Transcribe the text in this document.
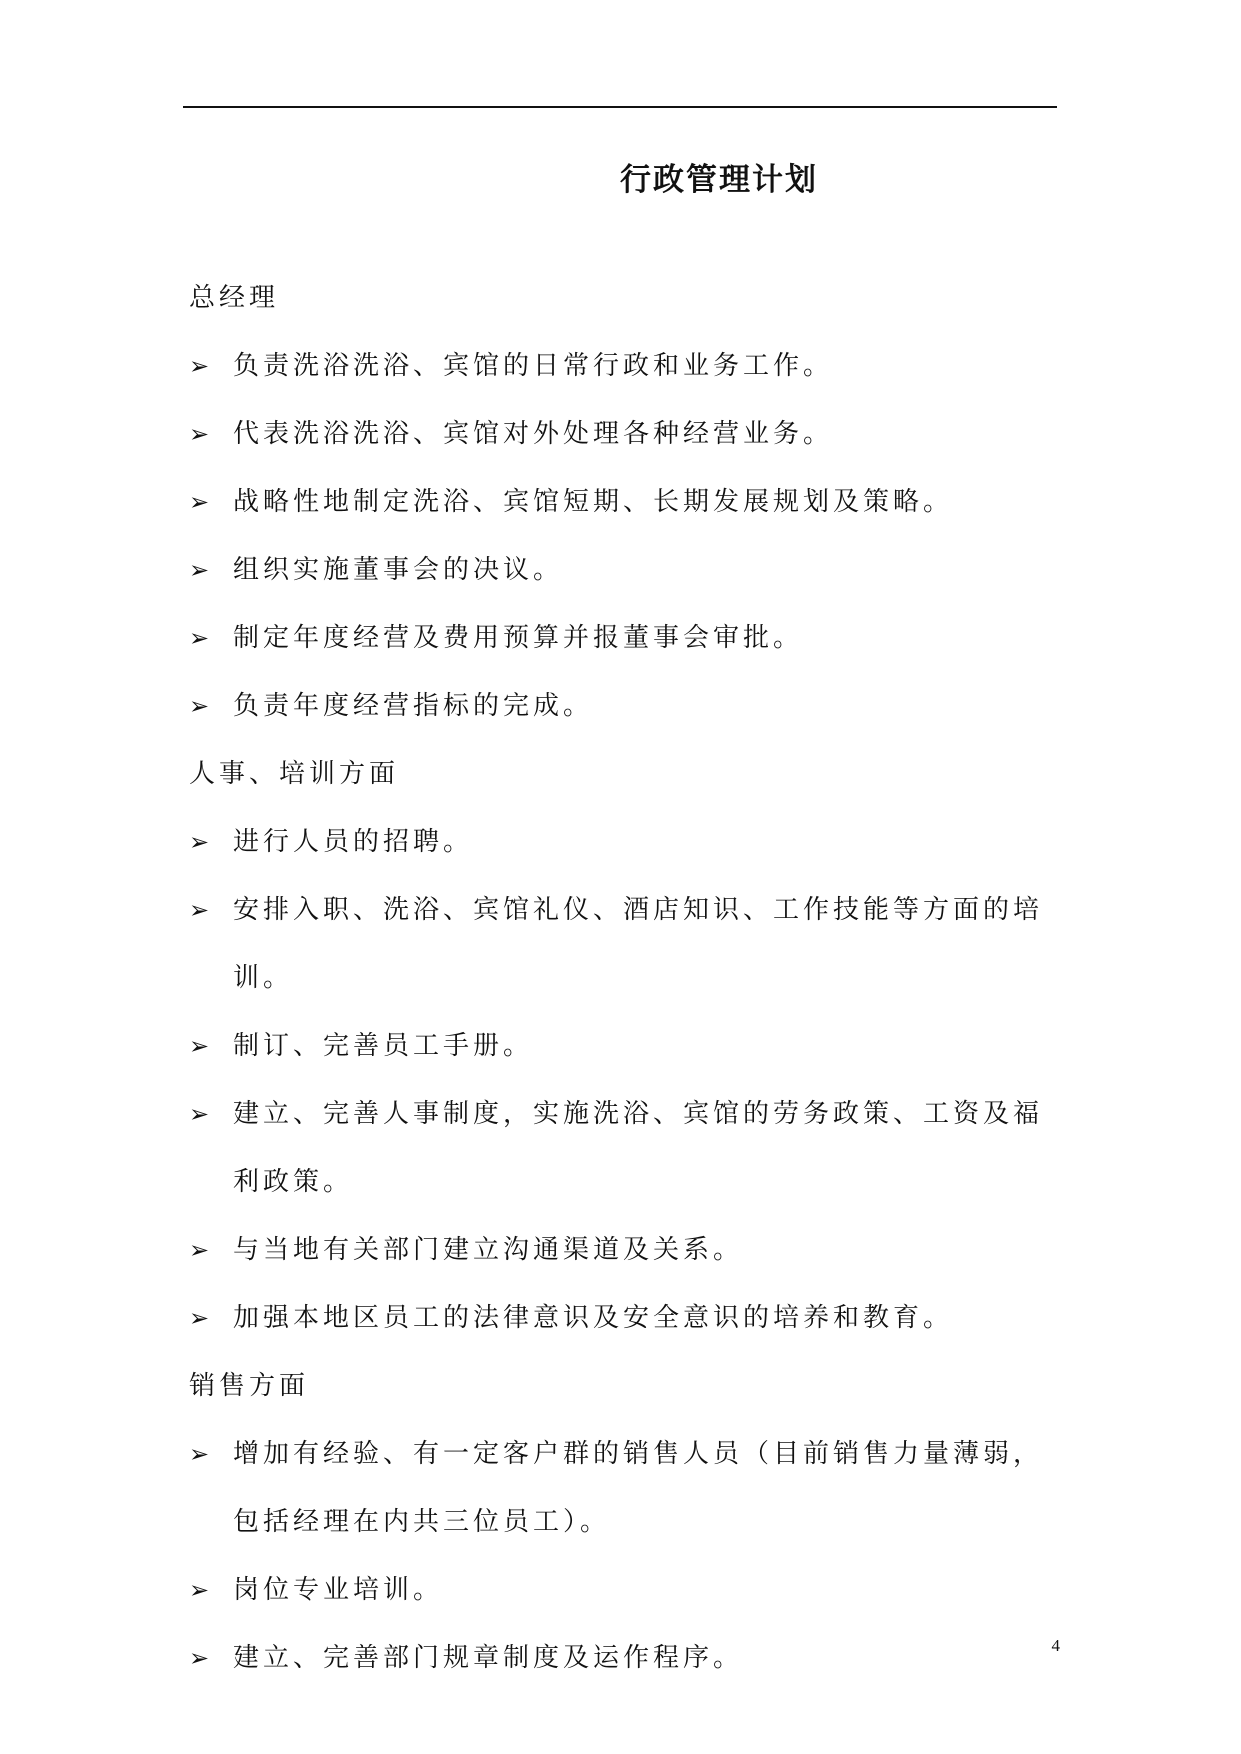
行政管理计划
总经理
➢ 负责洗浴洗浴、宾馆的日常行政和业务工作。
➢ 代表洗浴洗浴、宾馆对外处理各种经营业务。
➢ 战略性地制定洗浴、宾馆短期、长期发展规划及策略。
➢ 组织实施董事会的决议。
➢ 制定年度经营及费用预算并报董事会审批。
➢ 负责年度经营指标的完成。
人事、培训方面
➢ 进行人员的招聘。
➢ 安排入职、洗浴、宾馆礼仪、酒店知识、工作技能等方面的培训。
➢ 制订、完善员工手册。
➢ 建立、完善人事制度，实施洗浴、宾馆的劳务政策、工资及福利政策。
➢ 与当地有关部门建立沟通渠道及关系。
➢ 加强本地区员工的法律意识及安全意识的培养和教育。
销售方面
➢ 增加有经验、有一定客户群的销售人员（目前销售力量薄弱，包括经理在内共三位员工）。
➢ 岗位专业培训。
➢ 建立、完善部门规章制度及运作程序。	4
